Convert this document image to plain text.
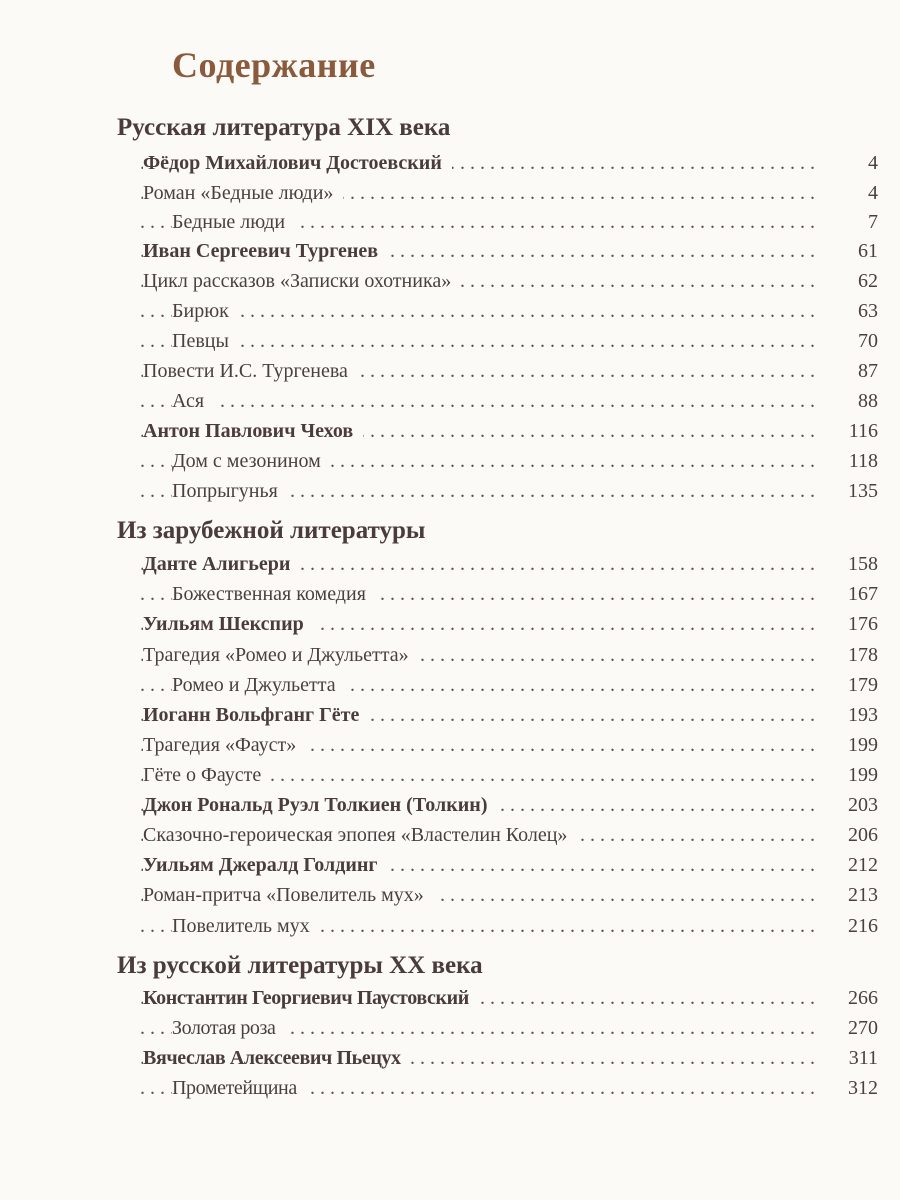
Содержание
Русская литература XIX века
Фёдор Михайлович Достоевский . . .	4
Роман «Бедные люди» . . .	4
Бедные люди . . .	7
Иван Сергеевич Тургенев . . .	61
Цикл рассказов «Записки охотника» . . .	62
Бирюк . . .	63
Певцы . . .	70
Повести И.С. Тургенева . . .	87
Ася . . .	88
Антон Павлович Чехов . . .	116
Дом с мезонином . . .	118
Попрыгунья . . .	135
Из зарубежной литературы
Данте Алигьери . . .	158
Божественная комедия . . .	167
Уильям Шекспир . . .	176
Трагедия «Ромео и Джульетта» . . .	178
Ромео и Джульетта . . .	179
Иоганн Вольфганг Гёте . . .	193
Трагедия «Фауст» . . .	199
Гёте о Фаусте . . .	199
Джон Рональд Руэл Толкиен (Толкин) . . .	203
Сказочно-героическая эпопея «Властелин Колец» . . .	206
Уильям Джералд Голдинг . . .	212
Роман-притча «Повелитель мух» . . .	213
Повелитель мух . . .	216
Из русской литературы XX века
Константин Георгиевич Паустовский . . .	266
Золотая роза . . .	270
Вячеслав Алексеевич Пьецух . . .	311
Прометейщина . . .	312
